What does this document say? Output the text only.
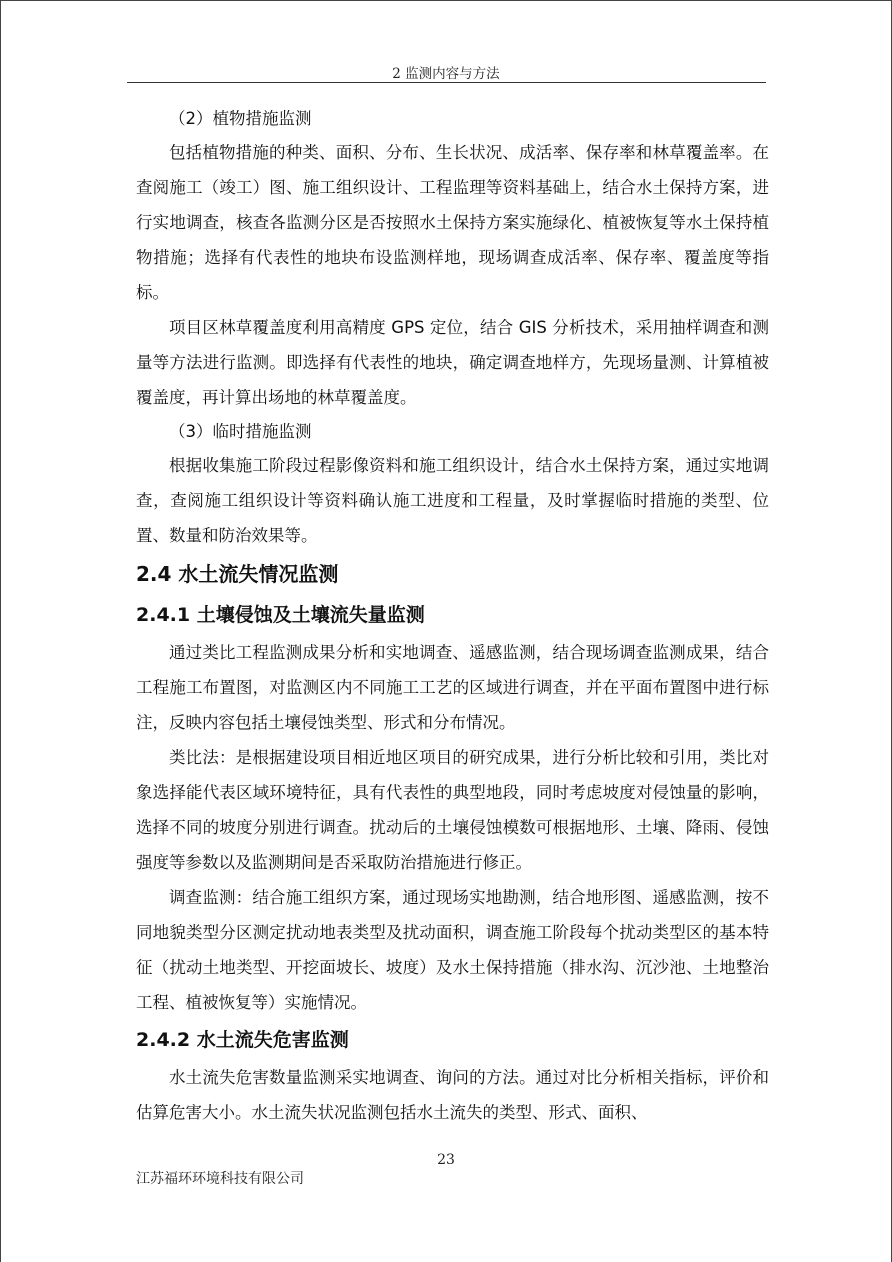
2 监测内容与方法

（2）植物措施监测

包括植物措施的种类、面积、分布、生长状况、成活率、保存率和林草覆盖率。在查阅施工（竣工）图、施工组织设计、工程监理等资料基础上，结合水土保持方案，进行实地调查，核查各监测分区是否按照水土保持方案实施绿化、植被恢复等水土保持植物措施；选择有代表性的地块布设监测样地，现场调查成活率、保存率、覆盖度等指标。

项目区林草覆盖度利用高精度 GPS 定位，结合 GIS 分析技术，采用抽样调查和测量等方法进行监测。即选择有代表性的地块，确定调查地样方，先现场量测、计算植被覆盖度，再计算出场地的林草覆盖度。

（3）临时措施监测

根据收集施工阶段过程影像资料和施工组织设计，结合水土保持方案，通过实地调查，查阅施工组织设计等资料确认施工进度和工程量，及时掌握临时措施的类型、位置、数量和防治效果等。

2.4 水土流失情况监测
2.4.1 土壤侵蚀及土壤流失量监测

通过类比工程监测成果分析和实地调查、遥感监测，结合现场调查监测成果，结合工程施工布置图，对监测区内不同施工工艺的区域进行调查，并在平面布置图中进行标注，反映内容包括土壤侵蚀类型、形式和分布情况。

类比法：是根据建设项目相近地区项目的研究成果，进行分析比较和引用，类比对象选择能代表区域环境特征，具有代表性的典型地段，同时考虑坡度对侵蚀量的影响，选择不同的坡度分别进行调查。扰动后的土壤侵蚀模数可根据地形、土壤、降雨、侵蚀强度等参数以及监测期间是否采取防治措施进行修正。

调查监测：结合施工组织方案，通过现场实地勘测，结合地形图、遥感监测，按不同地貌类型分区测定扰动地表类型及扰动面积，调查施工阶段每个扰动类型区的基本特征（扰动土地类型、开挖面坡长、坡度）及水土保持措施（排水沟、沉沙池、土地整治工程、植被恢复等）实施情况。

2.4.2 水土流失危害监测

水土流失危害数量监测采实地调查、询问的方法。通过对比分析相关指标，评价和估算危害大小。水土流失状况监测包括水土流失的类型、形式、面积、

23
江苏福环环境科技有限公司
